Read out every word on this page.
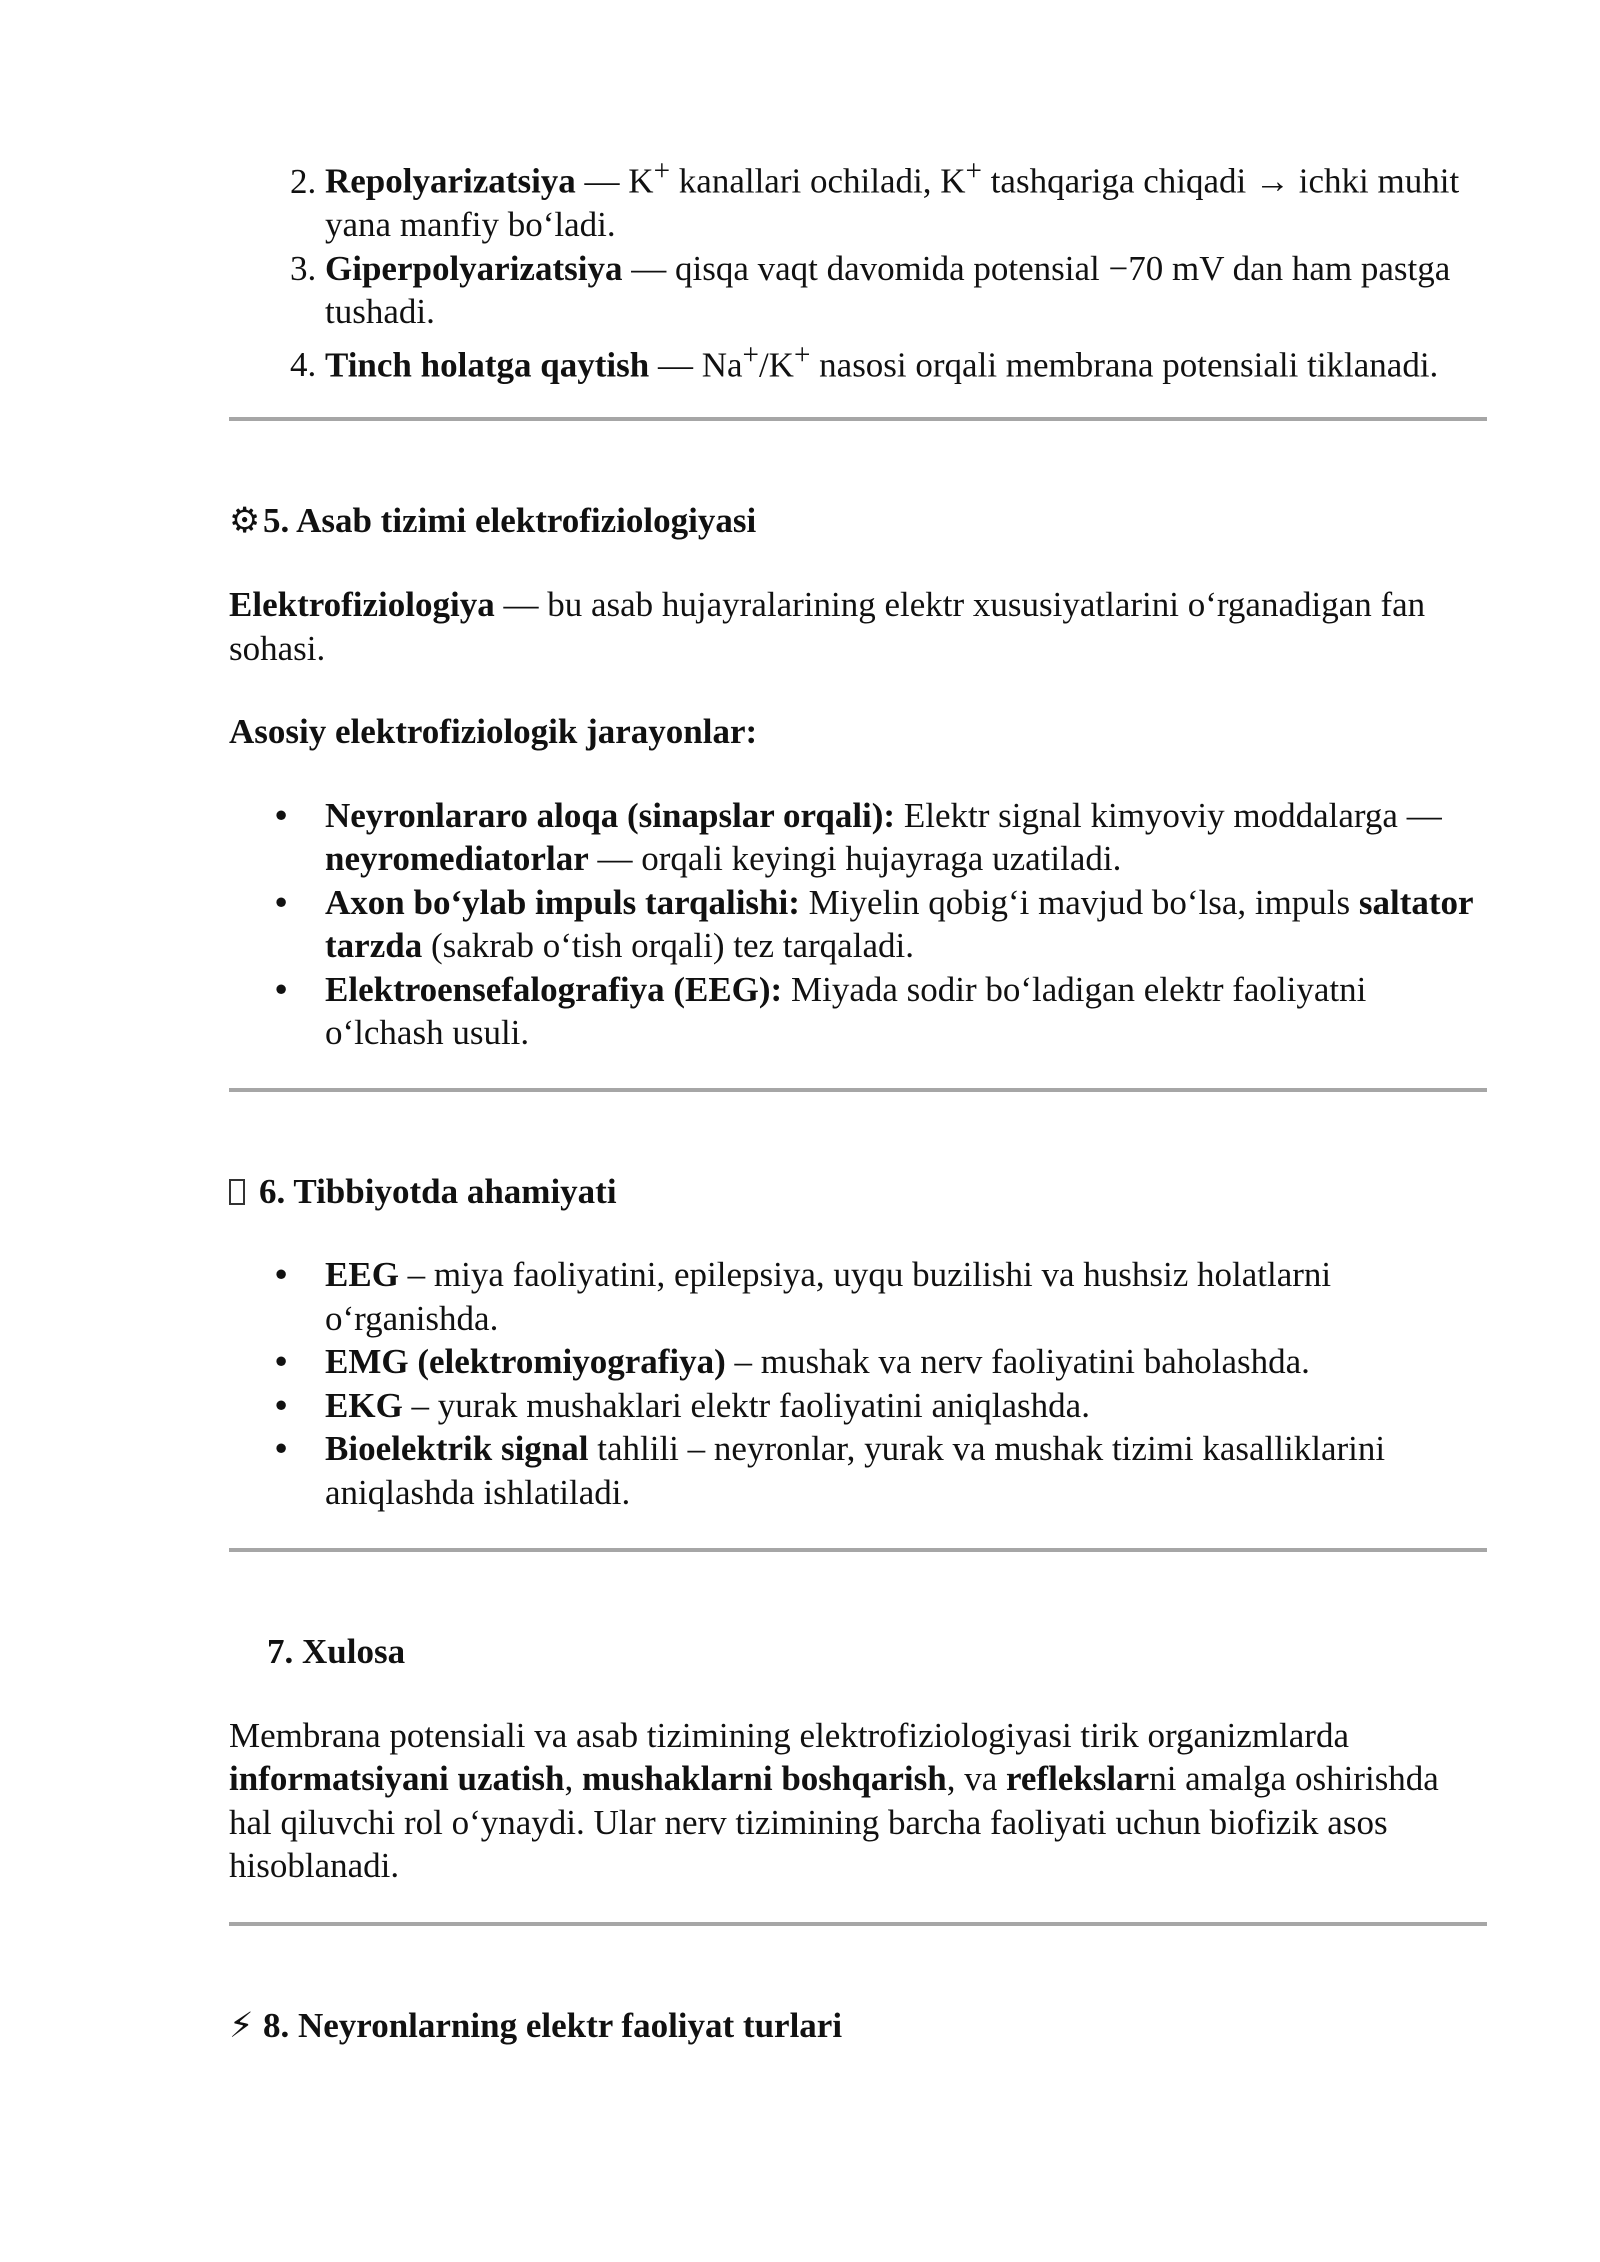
2. Repolyarizatsiya — K+ kanallari ochiladi, K+ tashqariga chiqadi → ichki muhit yana manfiy bo‘ladi.
3. Giperpolyarizatsiya — qisqa vaqt davomida potensial −70 mV dan ham pastga tushadi.
4. Tinch holatga qaytish — Na+/K+ nasosi orqali membrana potensiali tiklanadi.
⚙5. Asab tizimi elektrofiziologiyasi

Elektrofiziologiya — bu asab hujayralarining elektr xususiyatlarini o‘rganadigan fan sohasi.

Asosiy elektrofiziologik jarayonlar:

• Neyronlararo aloqa (sinapslar orqali): Elektr signal kimyoviy moddalarga — neyromediatorlar — orqali keyingi hujayraga uzatiladi.
• Axon bo‘ylab impuls tarqalishi: Miyelin qobig‘i mavjud bo‘lsa, impuls saltator tarzda (sakrab o‘tish orqali) tez tarqaladi.
• Elektroensefalografiya (EEG): Miyada sodir bo‘ladigan elektr faoliyatni o‘lchash usuli.
6. Tibbiyotda ahamiyati
• EEG – miya faoliyatini, epilepsiya, uyqu buzilishi va hushsiz holatlarni o‘rganishda.
• EMG (elektromiyografiya) – mushak va nerv faoliyatini baholashda.
• EKG – yurak mushaklari elektr faoliyatini aniqlashda.
• Bioelektrik signal tahlili – neyronlar, yurak va mushak tizimi kasalliklarini aniqlashda ishlatiladi.
7. Xulosa

Membrana potensiali va asab tizimining elektrofiziologiyasi tirik organizmlarda informatsiyani uzatish, mushaklarni boshqarish, va reflekslarni amalga oshirishda hal qiluvchi rol o‘ynaydi. Ular nerv tizimining barcha faoliyati uchun biofizik asos hisoblanadi.

⚡ 8. Neyronlarning elektr faoliyat turlari
